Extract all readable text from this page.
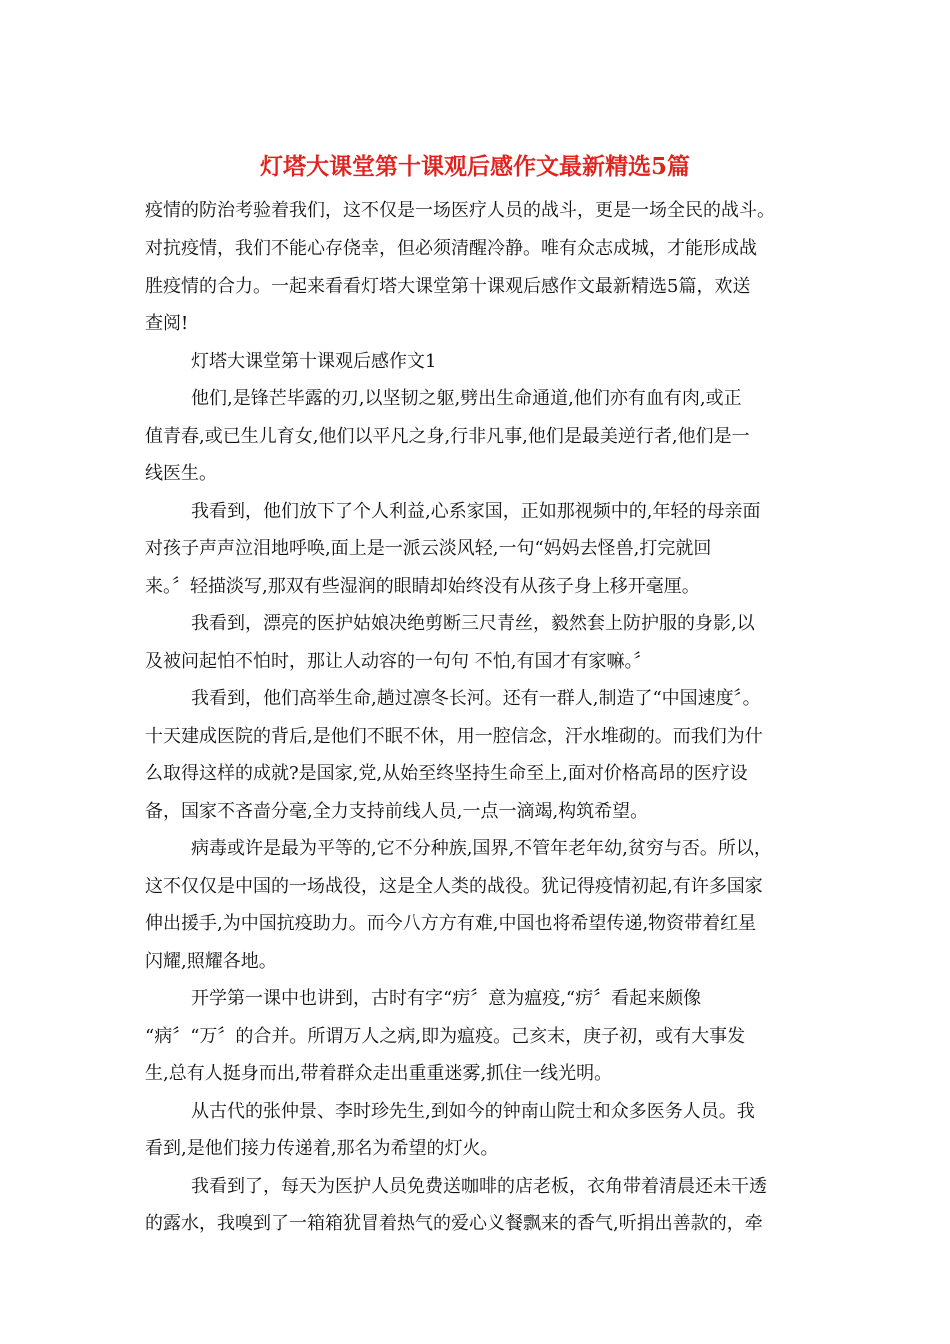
灯塔大课堂第十课观后感作文最新精选5篇
疫情的防治考验着我们，这不仅是一场医疗人员的战斗，更是一场全民的战斗。
对抗疫情，我们不能心存侥幸，但必须清醒冷静。唯有众志成城，才能形成战
胜疫情的合力。一起来看看灯塔大课堂第十课观后感作文最新精选5篇，欢送
查阅!
灯塔大课堂第十课观后感作文1
他们,是锋芒毕露的刃,以坚韧之躯,劈出生命通道,他们亦有血有肉,或正
值青春,或已生儿育女,他们以平凡之身,行非凡事,他们是最美逆行者,他们是一
线医生。
我看到，他们放下了个人利益,心系家国，正如那视频中的,年轻的母亲面
对孩子声声泣泪地呼唤,面上是一派云淡风轻,一句“妈妈去怪兽,打完就回
来。〞轻描淡写,那双有些湿润的眼睛却始终没有从孩子身上移开毫厘。
我看到，漂亮的医护姑娘决绝剪断三尺青丝，毅然套上防护服的身影,以
及被问起怕不怕时，那让人动容的一句句 不怕,有国才有家嘛。〞
我看到，他们高举生命,趟过凛冬长河。还有一群人,制造了“中国速度〞。
十天建成医院的背后,是他们不眠不休，用一腔信念，汗水堆砌的。而我们为什
么取得这样的成就?是国家,党,从始至终坚持生命至上,面对价格高昂的医疗设
备，国家不吝啬分毫,全力支持前线人员,一点一滴竭,构筑希望。
病毒或许是最为平等的,它不分种族,国界,不管年老年幼,贫穷与否。所以，
这不仅仅是中国的一场战役，这是全人类的战役。犹记得疫情初起,有许多国家
伸出援手,为中国抗疫助力。而今八方方有难,中国也将希望传递,物资带着红星
闪耀,照耀各地。
开学第一课中也讲到，古时有字“疠〞意为瘟疫,“疠〞看起来颇像
“病〞“万〞的合并。所谓万人之病,即为瘟疫。己亥末，庚子初，或有大事发
生,总有人挺身而出,带着群众走出重重迷雾,抓住一线光明。
从古代的张仲景、李时珍先生,到如今的钟南山院士和众多医务人员。我
看到,是他们接力传递着,那名为希望的灯火。
我看到了，每天为医护人员免费送咖啡的店老板，衣角带着清晨还未干透
的露水，我嗅到了一箱箱犹冒着热气的爱心义餐飘来的香气,听捐出善款的，牵
